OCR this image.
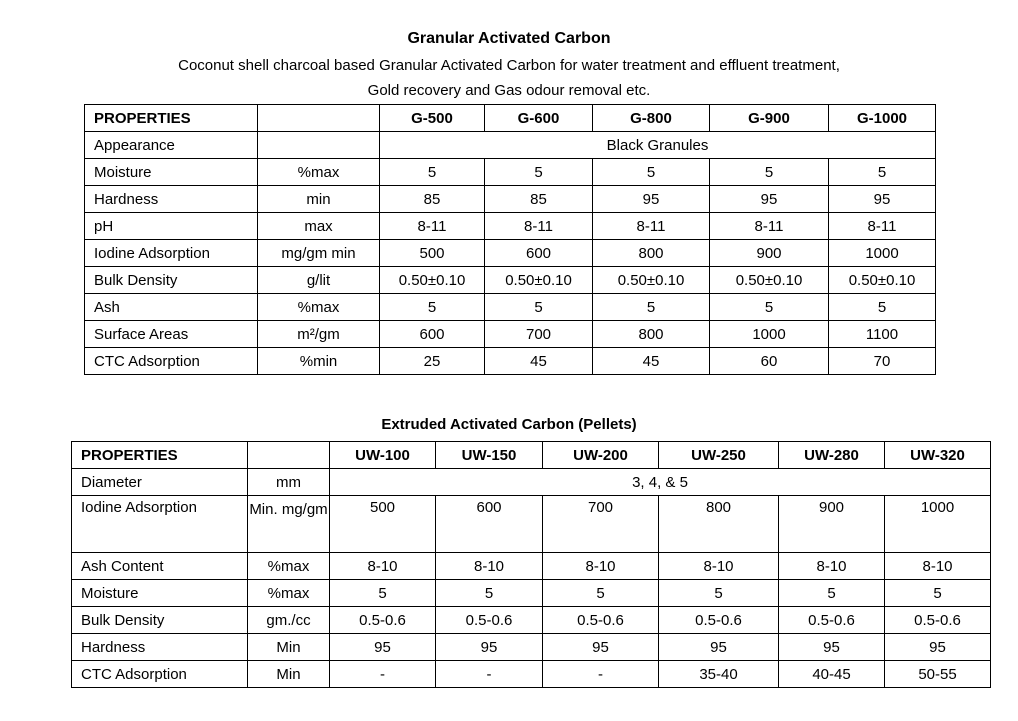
Granular Activated Carbon
Coconut shell charcoal based Granular Activated Carbon for water treatment and effluent treatment,
Gold recovery and Gas odour removal etc.
PROPERTIES		G-500	G-600	G-800	G-900	G-1000
Appearance		Black Granules				
Moisture	%max	5	5	5	5	5
Hardness	min	85	85	95	95	95
pH	max	8-11	8-11	8-11	8-11	8-11
Iodine Adsorption	mg/gm min	500	600	800	900	1000
Bulk Density	g/lit	0.50±0.10	0.50±0.10	0.50±0.10	0.50±0.10	0.50±0.10
Ash	%max	5	5	5	5	5
Surface Areas	m²/gm	600	700	800	1000	1100
CTC Adsorption	%min	25	45	45	60	70
Extruded Activated Carbon (Pellets)
PROPERTIES		UW-100	UW-150	UW-200	UW-250	UW-280	UW-320
Diameter	mm	3, 4, & 5					
Iodine Adsorption	Min. mg/gm	500	600	700	800	900	1000
Ash Content	%max	8-10	8-10	8-10	8-10	8-10	8-10
Moisture	%max	5	5	5	5	5	5
Bulk Density	gm./cc	0.5-0.6	0.5-0.6	0.5-0.6	0.5-0.6	0.5-0.6	0.5-0.6
Hardness	Min	95	95	95	95	95	95
CTC Adsorption	Min	-	-	-	35-40	40-45	50-55
